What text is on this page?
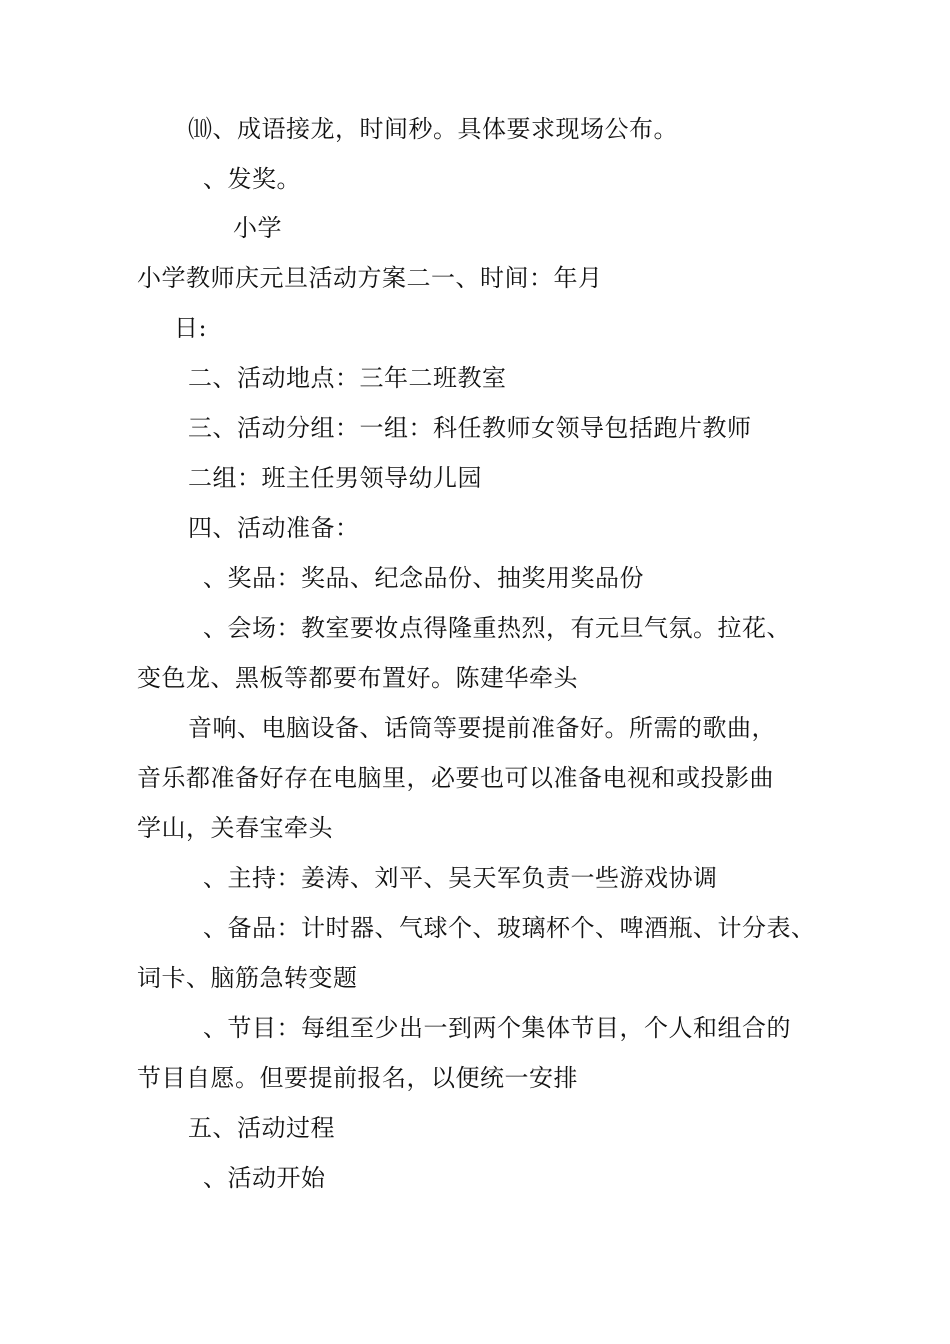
⑽、成语接龙，时间秒。具体要求现场公布。
、发奖。
小学
小学教师庆元旦活动方案二一、时间：年月
日:
二、活动地点：三年二班教室
三、活动分组：一组：科任教师女领导包括跑片教师
二组：班主任男领导幼儿园
四、活动准备：
、奖品：奖品、纪念品份、抽奖用奖品份
、会场：教室要妆点得隆重热烈，有元旦气氛。拉花、
变色龙、黑板等都要布置好。陈建华牵头
音响、电脑设备、话筒等要提前准备好。所需的歌曲，
音乐都准备好存在电脑里，必要也可以准备电视和或投影曲
学山，关春宝牵头
、主持：姜涛、刘平、吴天军负责一些游戏协调
、备品：计时器、气球个、玻璃杯个、啤酒瓶、计分表、
词卡、脑筋急转变题
、节目：每组至少出一到两个集体节目，个人和组合的
节目自愿。但要提前报名，以便统一安排
五、活动过程
、活动开始
